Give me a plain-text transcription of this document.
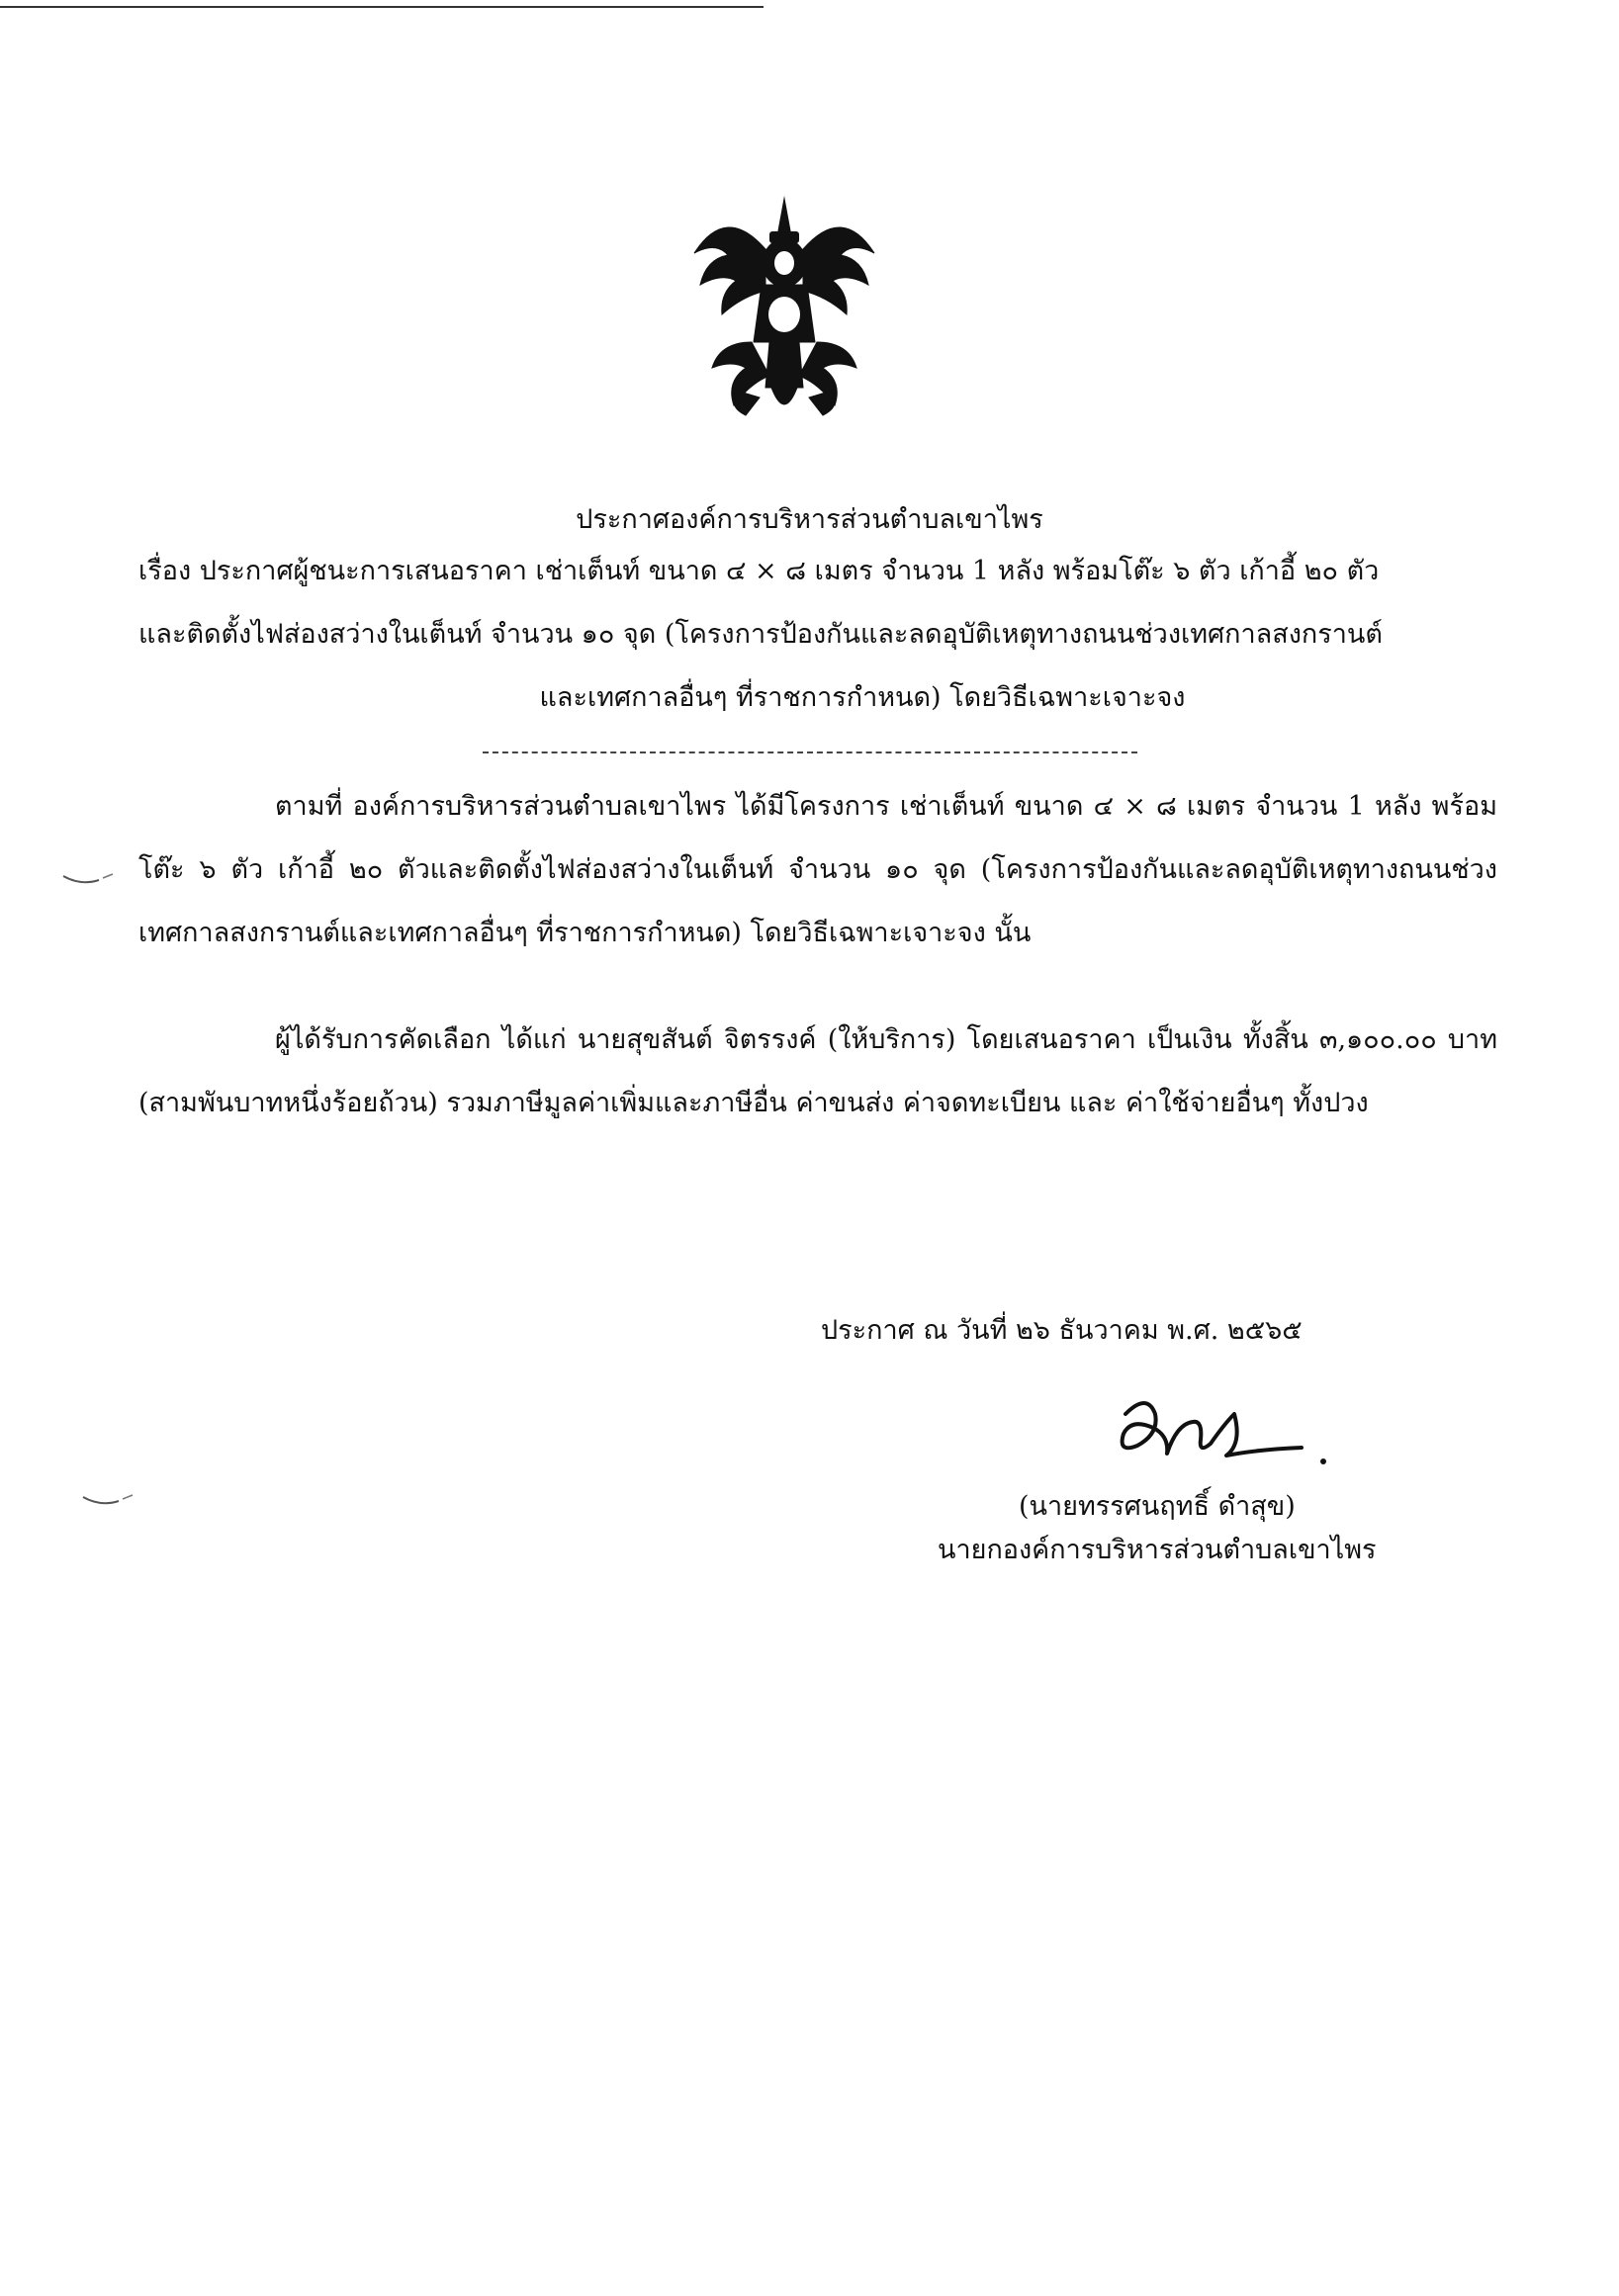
ประกาศองค์การบริหารส่วนตำบลเขาไพร
เรื่อง ประกาศผู้ชนะการเสนอราคา เช่าเต็นท์ ขนาด ๔ × ๘ เมตร จำนวน 1 หลัง พร้อมโต๊ะ ๖ ตัว เก้าอี้ ๒๐ ตัว
และติดตั้งไฟส่องสว่างในเต็นท์ จำนวน ๑๐ จุด (โครงการป้องกันและลดอุบัติเหตุทางถนนช่วงเทศกาลสงกรานต์
และเทศกาลอื่นๆ ที่ราชการกำหนด) โดยวิธีเฉพาะเจาะจง
ตามที่ องค์การบริหารส่วนตำบลเขาไพร ได้มีโครงการ เช่าเต็นท์ ขนาด ๔ × ๘ เมตร จำนวน 1 หลัง พร้อมโต๊ะ ๖ ตัว เก้าอี้ ๒๐ ตัวและติดตั้งไฟส่องสว่างในเต็นท์ จำนวน ๑๐ จุด (โครงการป้องกันและลดอุบัติเหตุทางถนนช่วงเทศกาลสงกรานต์และเทศกาลอื่นๆ ที่ราชการกำหนด) โดยวิธีเฉพาะเจาะจง นั้น
ผู้ได้รับการคัดเลือก ได้แก่ นายสุขสันต์ จิตรรงค์ (ให้บริการ) โดยเสนอราคา เป็นเงิน ทั้งสิ้น ๓,๑๐๐.๐๐ บาท (สามพันบาทหนึ่งร้อยถ้วน) รวมภาษีมูลค่าเพิ่มและภาษีอื่น ค่าขนส่ง ค่าจดทะเบียน และ ค่าใช้จ่ายอื่นๆ ทั้งปวง
ประกาศ ณ วันที่ ๒๖ ธันวาคม พ.ศ. ๒๕๖๕
(นายทรรศนฤทธิ์ ดำสุข)
นายกองค์การบริหารส่วนตำบลเขาไพร
